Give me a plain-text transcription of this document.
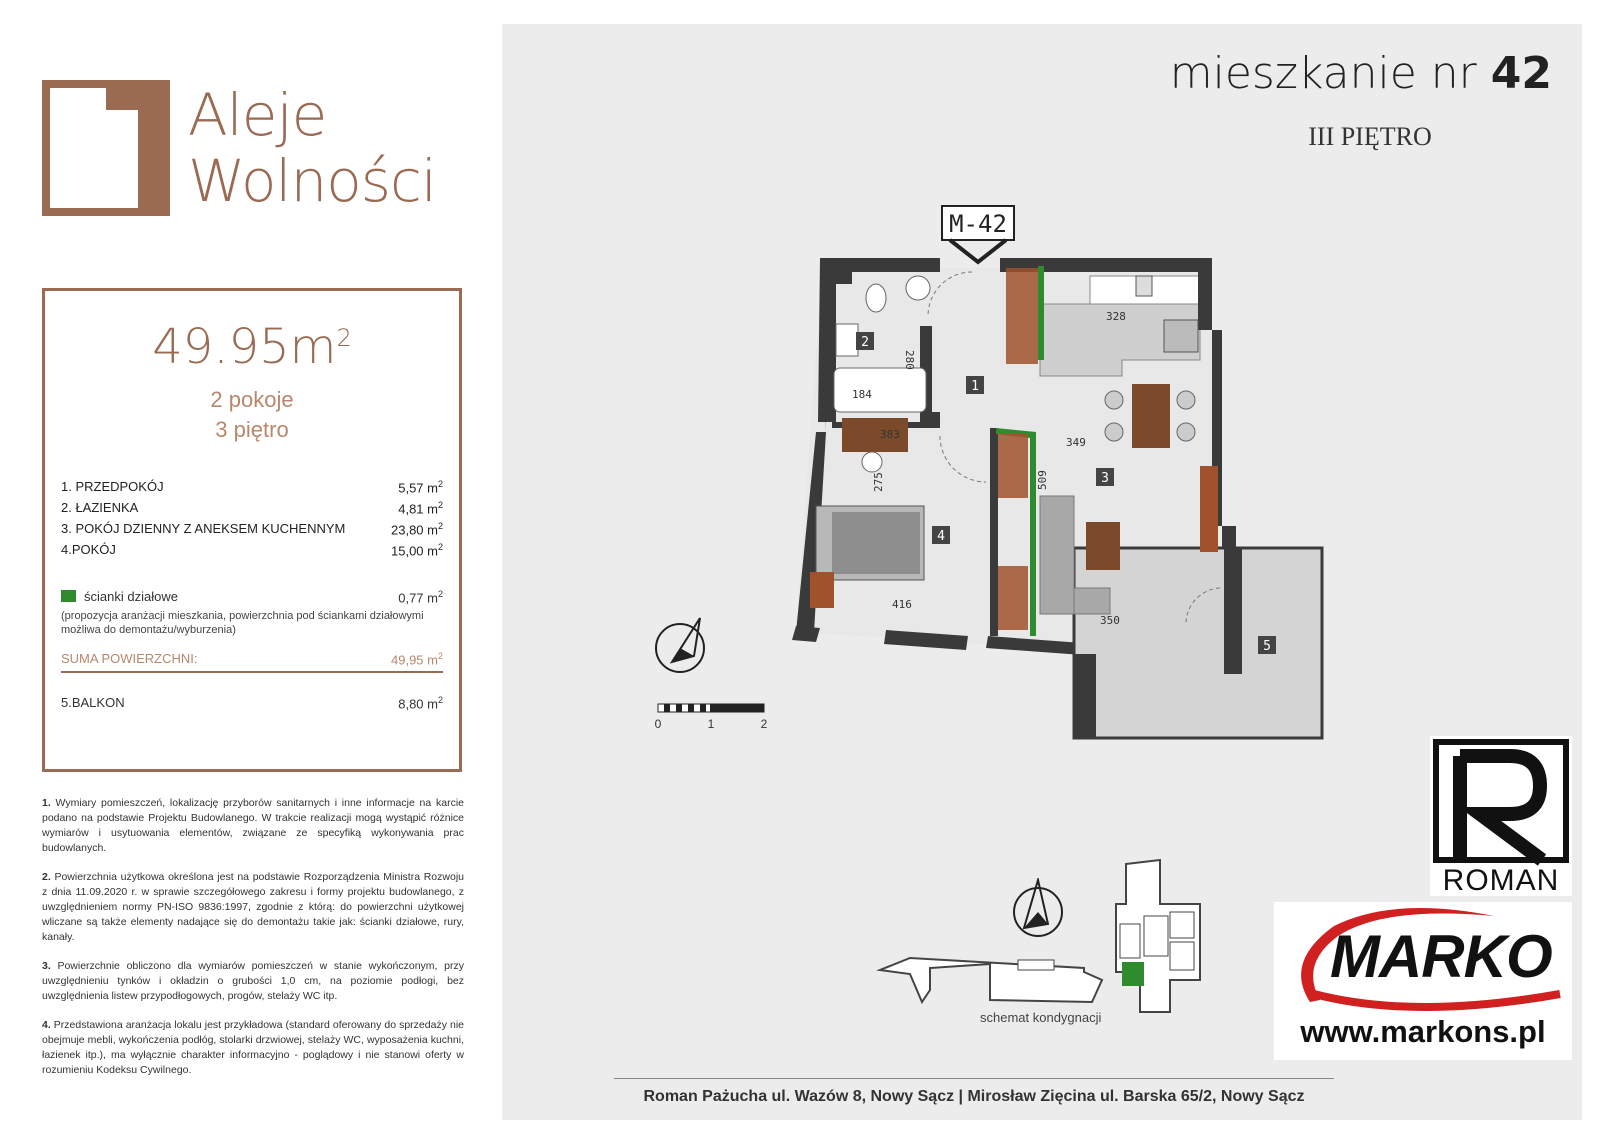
Aleje
Wolności
$49.95m^2$
2 pokoje
3 piętro
1. PRZEDPOKÓJ	5,57 $m^2$
2. ŁAZIENKA	4,81 $m^2$
3. POKÓJ DZIENNY Z ANEKSEM KUCHENNYM	23,80 $m^2$
4.POKÓJ	15,00 $m^2$
ścianki działowe	0,77 $m^2$
(propozycja aranżacji mieszkania, powierzchnia pod ściankami działowymi możliwa do demontażu/wyburzenia)
SUMA POWIERZCHNI:	49,95 $m^2$
5.BALKON	8,80 $m^2$

1. Wymiary pomieszczeń, lokalizację przyborów sanitarnych i inne informacje na karcie podano na podstawie Projektu Budowlanego. W trakcie realizacji mogą wystąpić różnice wymiarów i usytuowania elementów, związane ze specyfiką wykonywania prac budowlanych.

2. Powierzchnia użytkowa określona jest na podstawie Rozporządzenia Ministra Rozwoju z dnia 11.09.2020 r. w sprawie szczegółowego zakresu i formy projektu budowlanego, z uwzględnieniem normy PN-ISO 9836:1997, zgodnie z którą: do powierzchni użytkowej wliczane są także elementy nadające się do demontażu takie jak: ścianki działowe, rury, kanały.

3. Powierzchnie obliczono dla wymiarów pomieszczeń w stanie wykończonym, przy uwzględnieniu tynków i okładzin o grubości 1,0 cm, na poziomie podłogi, bez uwzględnienia listew przypodłogowych, progów, stelaży WC itp.

4. Przedstawiona aranżacja lokalu jest przykładowa (standard oferowany do sprzedaży nie obejmuje mebli, wykończenia podłóg, stolarki drzwiowej, stelaży WC, wyposażenia kuchni, łazienek itp.), ma wyłącznie charakter informacyjno - poglądowy i nie stanowi oferty w rozumieniu Kodeksu Cywilnego.

mieszkanie nr 42
III PIĘTRO
M-42
1
2
3
4
5
328
280
184
383
349
509
275
416
350
0	1	2
schemat kondygnacji
ROMAN
MARKO
www.markons.pl
Roman Pażucha ul. Wazów 8, Nowy Sącz | Mirosław Zięcina ul. Barska 65/2, Nowy Sącz
